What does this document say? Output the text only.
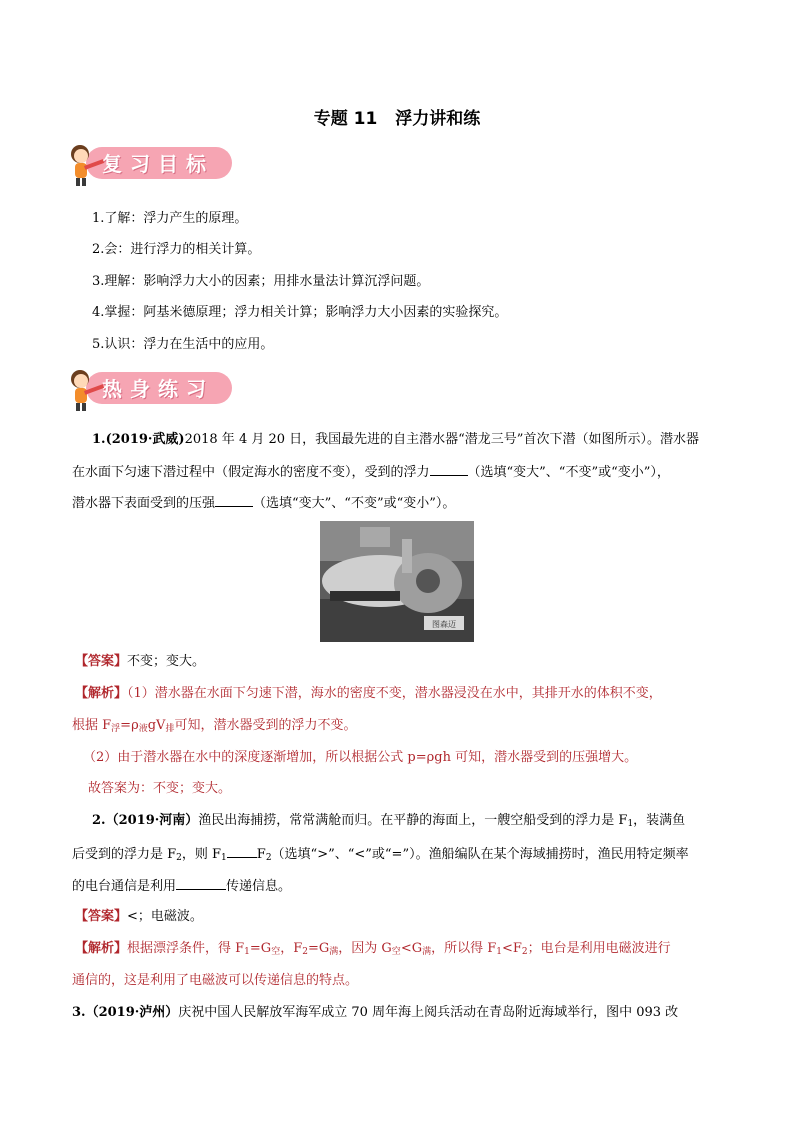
专题 11 浮力讲和练
复习目标
1.了解：浮力产生的原理。
2.会：进行浮力的相关计算。
3.理解：影响浮力大小的因素；用排水量法计算沉浮问题。
4.掌握：阿基米德原理；浮力相关计算；影响浮力大小因素的实验探究。
5.认识：浮力在生活中的应用。
热身练习
1.(2019·武威)2018 年 4 月 20 日，我国最先进的自主潜水器“潜龙三号”首次下潜（如图所示）。潜水器
在水面下匀速下潜过程中（假定海水的密度不变），受到的浮力	（选填“变大”、“不变”或“变小”），
潜水器下表面受到的压强	（选填“变大”、“不变”或“变小”）。
图森迈
【答案】不变；变大。
【解析】（1）潜水器在水面下匀速下潜，海水的密度不变，潜水器浸没在水中，其排开水的体积不变，
根据 $F_浮=\rho_液gV_排$可知，潜水器受到的浮力不变。
（2）由于潜水器在水中的深度逐渐增加，所以根据公式 p=ρgh 可知，潜水器受到的压强增大。
故答案为：不变；变大。
2.（2019·河南）渔民出海捕捞，常常满舱而归。在平静的海面上，一艘空船受到的浮力是 $F_1$，装满鱼
后受到的浮力是 $F_2$，则 $F_1$ $F_2$（选填“>”、“<”或“=”）。渔船编队在某个海域捕捞时，渔民用特定频率
的电台通信是利用	传递信息。
【答案】<；电磁波。
【解析】根据漂浮条件，得 $F_1=G_空$，$F_2=G_满$，因为 $G_空<G_满$，所以得 $F_1<F_2$；电台是利用电磁波进行
通信的，这是利用了电磁波可以传递信息的特点。
3.（2019·泸州）庆祝中国人民解放军海军成立 70 周年海上阅兵活动在青岛附近海域举行，图中 093 改
